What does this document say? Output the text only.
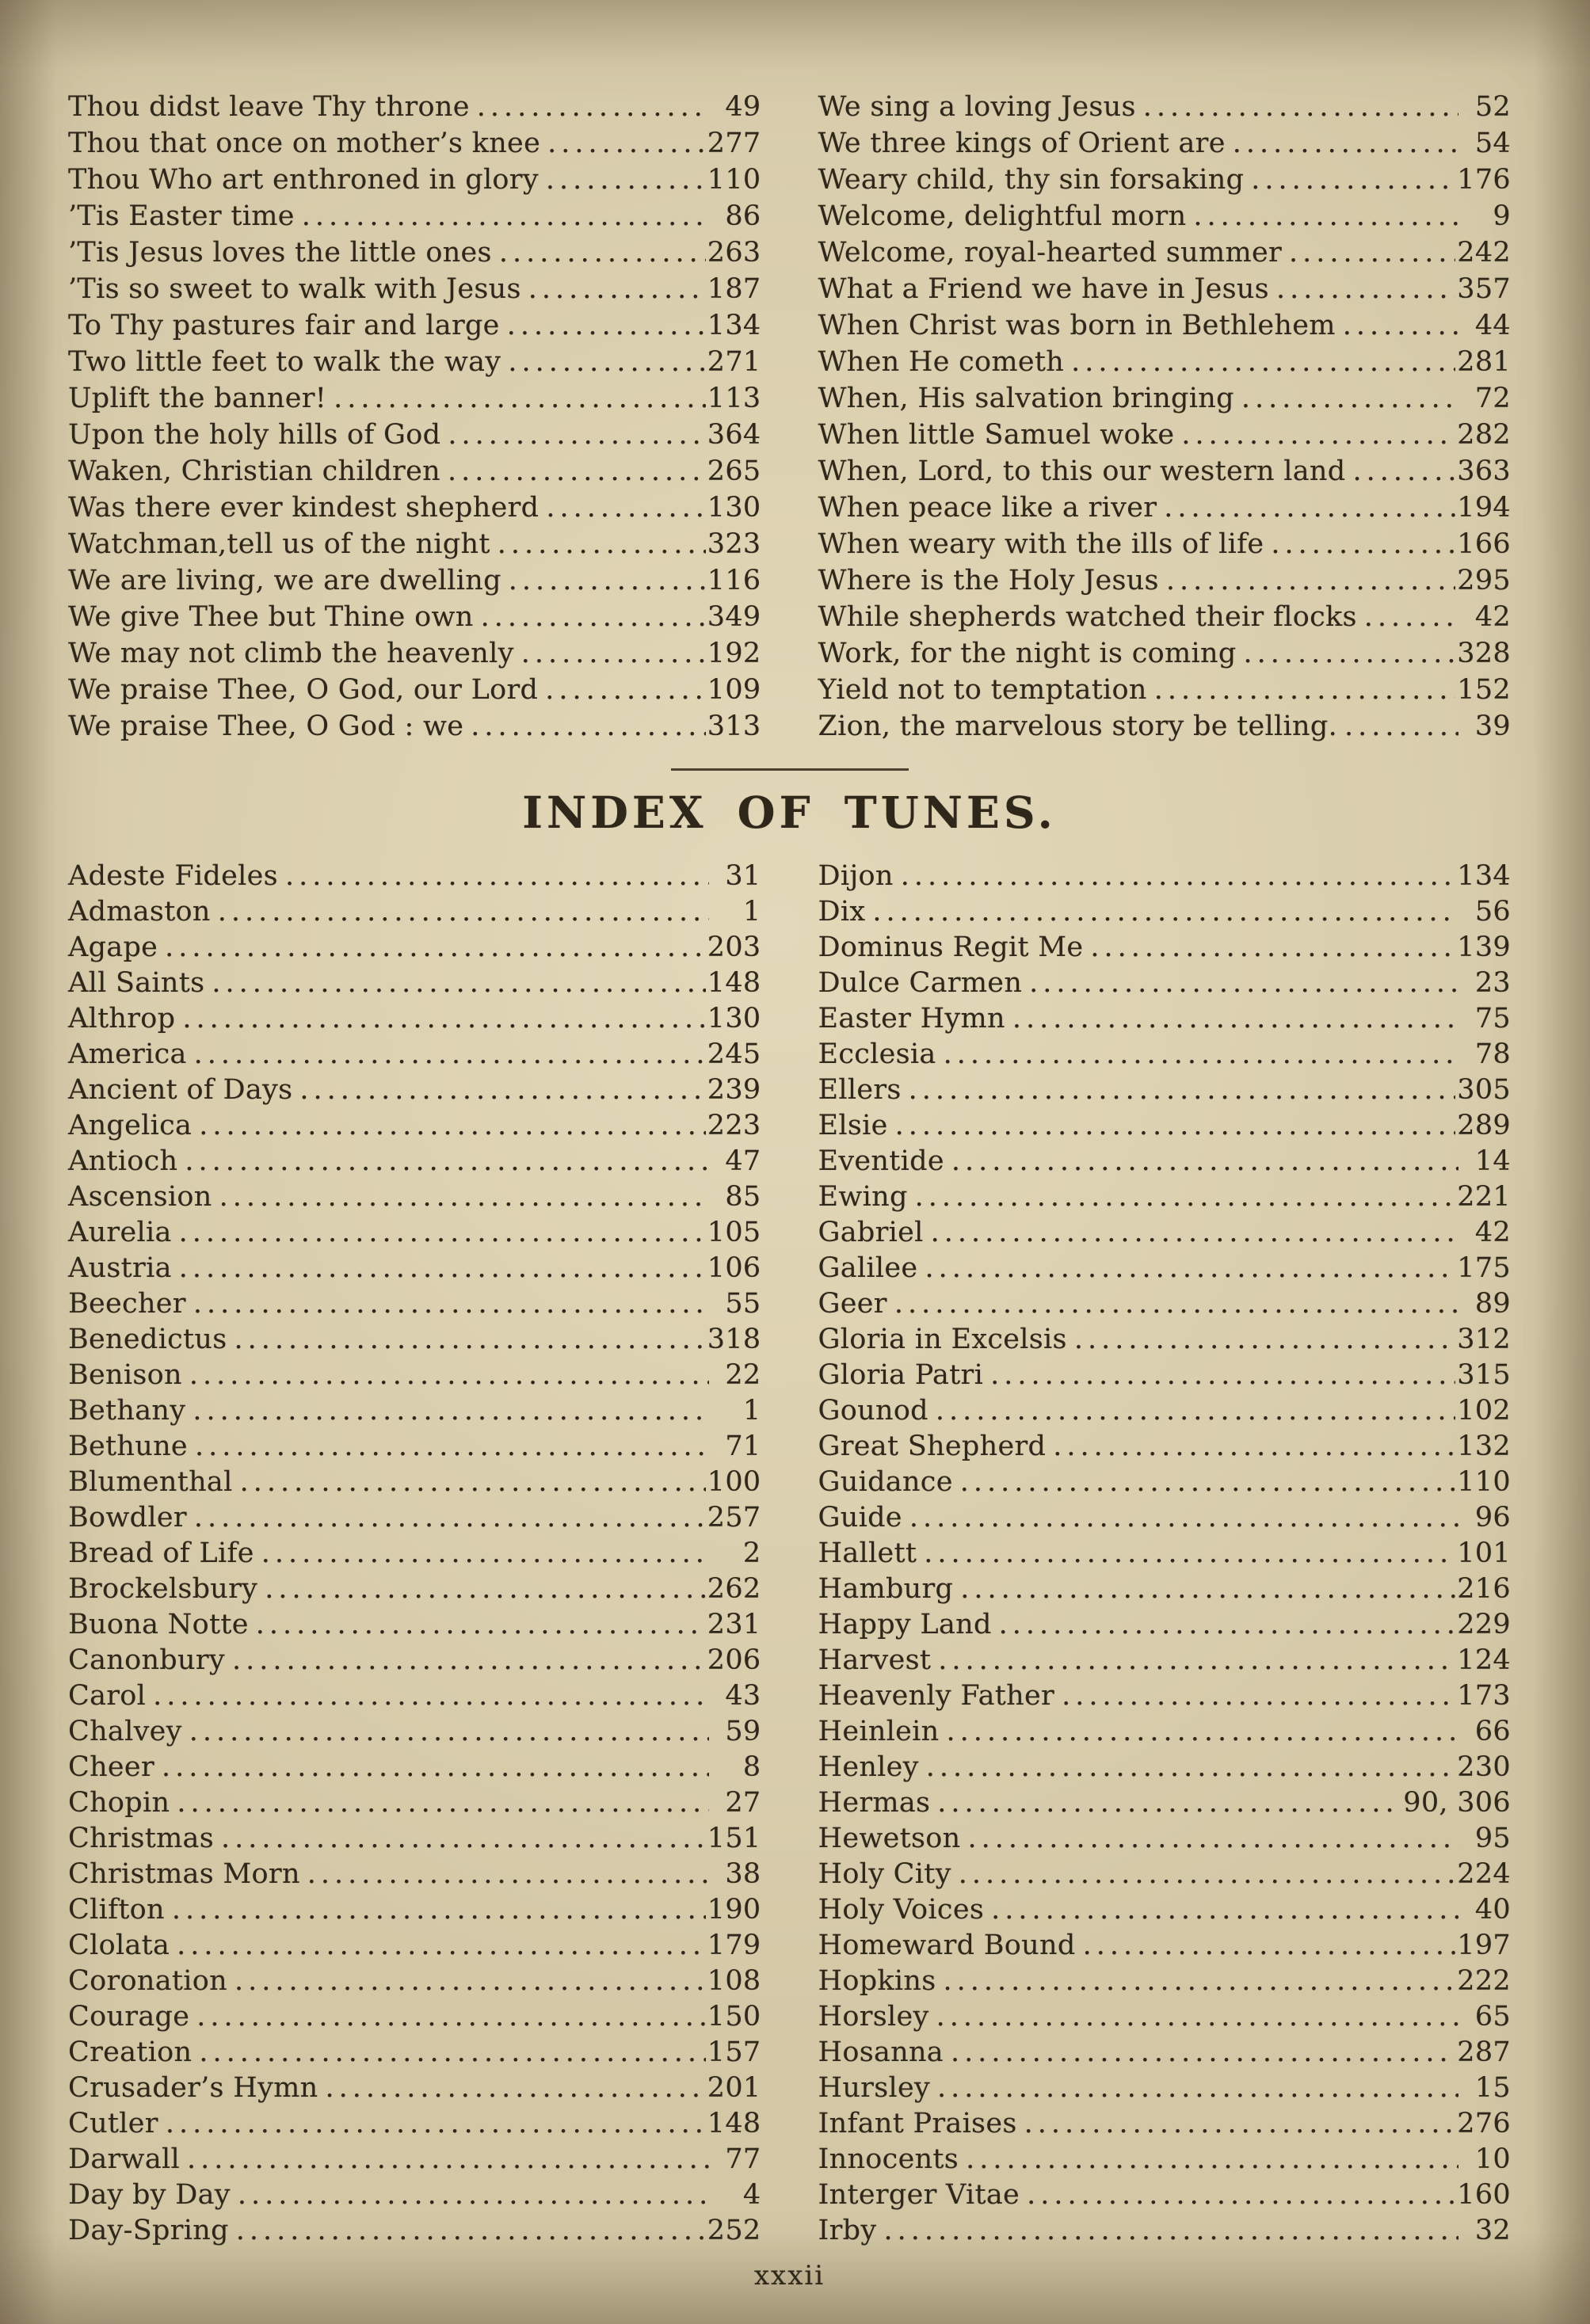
Thou didst leave Thy throne .....	49
Thou that once on mother’s knee .....	277
Thou Who art enthroned in glory .....	110
’Tis Easter time .....	86
’Tis Jesus loves the little ones .....	263
’Tis so sweet to walk with Jesus .....	187
To Thy pastures fair and large .....	134
Two little feet to walk the way .....	271
Uplift the banner! .....	113
Upon the holy hills of God .....	364
Waken, Christian children .....	265
Was there ever kindest shepherd .....	130
Watchman,tell us of the night .....	323
We are living, we are dwelling .....	116
We give Thee but Thine own .....	349
We may not climb the heavenly .....	192
We praise Thee, O God, our Lord .....	109
We praise Thee, O God : we .....	313
We sing a loving Jesus .....	52
We three kings of Orient are .....	54
Weary child, thy sin forsaking .....	176
Welcome, delightful morn .....	9
Welcome, royal-hearted summer .....	242
What a Friend we have in Jesus .....	357
When Christ was born in Bethlehem .....	44
When He cometh .....	281
When, His salvation bringing .....	72
When little Samuel woke .....	282
When, Lord, to this our western land .....	363
When peace like a river .....	194
When weary with the ills of life .....	166
Where is the Holy Jesus .....	295
While shepherds watched their flocks .....	42
Work, for the night is coming .....	328
Yield not to temptation .....	152
Zion, the marvelous story be telling. .....	39
INDEX OF TUNES.
Adeste Fideles .....	31
Admaston .....	1
Agape .....	203
All Saints .....	148
Althrop .....	130
America .....	245
Ancient of Days .....	239
Angelica .....	223
Antioch .....	47
Ascension .....	85
Aurelia .....	105
Austria .....	106
Beecher .....	55
Benedictus .....	318
Benison .....	22
Bethany .....	1
Bethune .....	71
Blumenthal .....	100
Bowdler .....	257
Bread of Life .....	2
Brockelsbury .....	262
Buona Notte .....	231
Canonbury .....	206
Carol .....	43
Chalvey .....	59
Cheer .....	8
Chopin .....	27
Christmas .....	151
Christmas Morn .....	38
Clifton .....	190
Clolata .....	179
Coronation .....	108
Courage .....	150
Creation .....	157
Crusader’s Hymn .....	201
Cutler .....	148
Darwall .....	77
Day by Day .....	4
Day-Spring .....	252
Dijon .....	134
Dix .....	56
Dominus Regit Me .....	139
Dulce Carmen .....	23
Easter Hymn .....	75
Ecclesia .....	78
Ellers .....	305
Elsie .....	289
Eventide .....	14
Ewing .....	221
Gabriel .....	42
Galilee .....	175
Geer .....	89
Gloria in Excelsis .....	312
Gloria Patri .....	315
Gounod .....	102
Great Shepherd .....	132
Guidance .....	110
Guide .....	96
Hallett .....	101
Hamburg .....	216
Happy Land .....	229
Harvest .....	124
Heavenly Father .....	173
Heinlein .....	66
Henley .....	230
Hermas .....	90, 306
Hewetson .....	95
Holy City .....	224
Holy Voices .....	40
Homeward Bound .....	197
Hopkins .....	222
Horsley .....	65
Hosanna .....	287
Hursley .....	15
Infant Praises .....	276
Innocents .....	10
Interger Vitae .....	160
Irby .....	32
xxxii
